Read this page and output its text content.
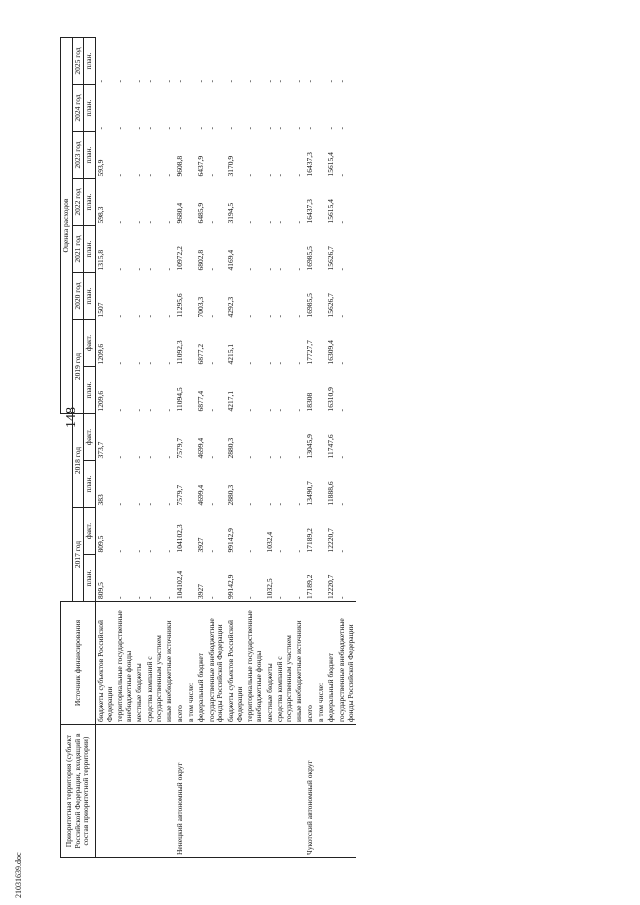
148
21031639.doc
Приоритетная территория (субъект Российской Федерации, входящий в состав приоритетной территории)	Источник финансирования					Оценка расходов							
		2017 год		2018 год		2019 год		2020 год	2021 год	2022 год	2023 год	2024 год	2025 год
		план.	факт.	план.	факт.	план.	факт.	план.	план.	план.	план.	план.	план.
	бюджеты субъектов Российской Федерации	809,5	809,5	383	373,7	1209,6	1209,6	1507	1315,8	598,3	593,9	-	-
	территориальные государственные внебюджетные фонды	-	-	-	-	-	-	-	-	-	-	-	-
	местные бюджеты	-	-	-	-	-	-	-	-	-	-	-	-
	средства компаний с государственным участием	-	-	-	-	-	-	-	-	-	-	-	-
	иные внебюджетные источники	-	-	-	-	-	-	-	-	-	-	-	-
Ненецкий автономный округ	всего	104102,4	104102,3	7579,7	7579,7	11094,5	11092,3	11295,6	10972,2	9680,4	9608,8	-	-
	в том числе:												
	федеральный бюджет	3927	3927	4699,4	4699,4	6877,4	6877,2	7003,3	6802,8	6485,9	6437,9	-	-
	государственные внебюджетные фонды Российской Федерации	-	-	-	-	-	-	-	-	-	-	-	-
	бюджеты субъектов Российской Федерации	99142,9	99142,9	2880,3	2880,3	4217,1	4215,1	4292,3	4169,4	3194,5	3170,9	-	-
	территориальные государственные внебюджетные фонды	-	-	-	-	-	-	-	-	-	-	-	-
	местные бюджеты	1032,5	1032,4	-	-	-	-	-	-	-	-	-	-
	средства компаний с государственным участием	-	-	-	-	-	-	-	-	-	-	-	-
	иные внебюджетные источники	-	-	-	-	-	-	-	-	-	-	-	-
Чукотский автономный округ	всего	17189,2	17189,2	13490,7	13045,9	18308	17727,7	16985,5	16985,5	16437,3	16437,3	-	-
	в том числе:												
	федеральный бюджет	12220,7	12220,7	11888,6	11747,6	16310,9	16309,4	15626,7	15626,7	15615,4	15615,4	-	-
	государственные внебюджетные фонды Российской Федерации	-	-	-	-	-	-	-	-	-	-	-	-
